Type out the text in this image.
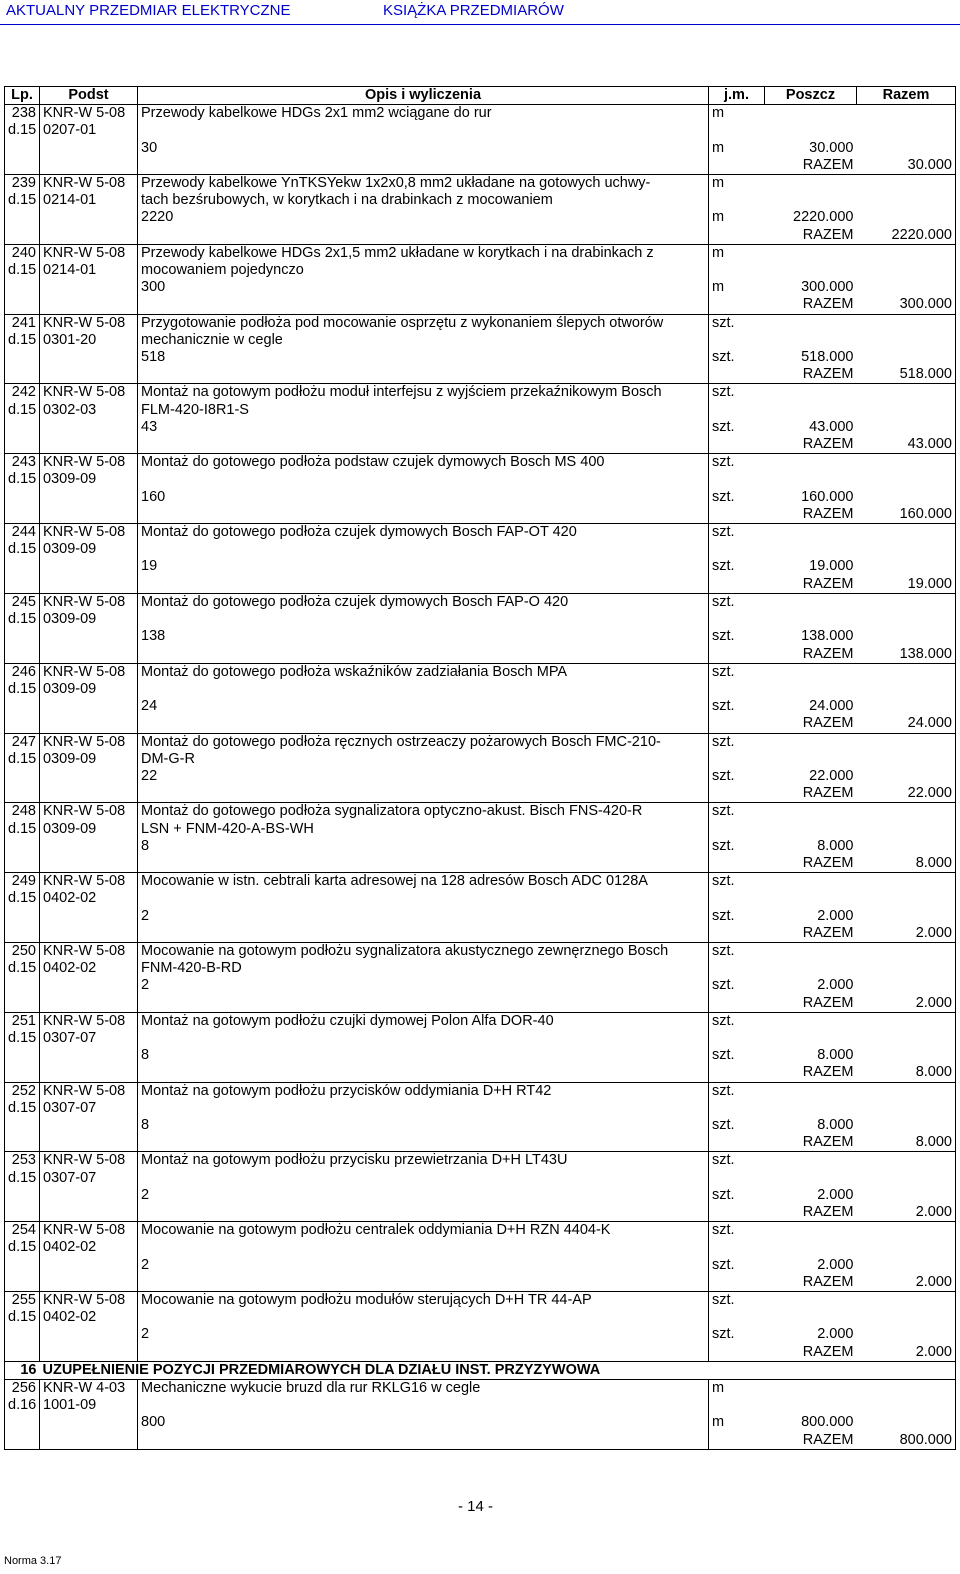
AKTUALNY PRZEDMIAR ELEKTRYCZNE	KSIĄŻKA PRZEDMIARÓW
Lp.	Podst	Opis i wyliczenia	j.m.	Poszcz	Razem
238	KNR-W 5-08	Przewody kabelkowe HDGs 2x1 mm2 wciągane do rur	m		
d.15	0207-01				
		30	m	30.000	
				RAZEM	30.000
239	KNR-W 5-08	Przewody kabelkowe YnTKSYekw 1x2x0,8 mm2 układane na gotowych uchwy-	m		
d.15	0214-01	tach bezśrubowych, w korytkach i na drabinkach z mocowaniem			
		2220	m	2220.000	
				RAZEM	2220.000
240	KNR-W 5-08	Przewody kabelkowe HDGs 2x1,5 mm2 układane w korytkach i na drabinkach z	m		
d.15	0214-01	mocowaniem pojedynczo			
		300	m	300.000	
				RAZEM	300.000
241	KNR-W 5-08	Przygotowanie podłoża pod mocowanie osprzętu z wykonaniem ślepych otworów	szt.		
d.15	0301-20	mechanicznie w cegle			
		518	szt.	518.000	
				RAZEM	518.000
242	KNR-W 5-08	Montaż na gotowym podłożu moduł interfejsu z wyjściem przekaźnikowym Bosch	szt.		
d.15	0302-03	FLM-420-I8R1-S			
		43	szt.	43.000	
				RAZEM	43.000
243	KNR-W 5-08	Montaż do gotowego podłoża podstaw czujek dymowych Bosch MS 400	szt.		
d.15	0309-09				
		160	szt.	160.000	
				RAZEM	160.000
244	KNR-W 5-08	Montaż do gotowego podłoża czujek dymowych Bosch FAP-OT 420	szt.		
d.15	0309-09				
		19	szt.	19.000	
				RAZEM	19.000
245	KNR-W 5-08	Montaż do gotowego podłoża czujek dymowych Bosch FAP-O 420	szt.		
d.15	0309-09				
		138	szt.	138.000	
				RAZEM	138.000
246	KNR-W 5-08	Montaż do gotowego podłoża wskaźników zadziałania Bosch MPA	szt.		
d.15	0309-09				
		24	szt.	24.000	
				RAZEM	24.000
247	KNR-W 5-08	Montaż do gotowego podłoża ręcznych ostrzeaczy pożarowych Bosch FMC-210-	szt.		
d.15	0309-09	DM-G-R			
		22	szt.	22.000	
				RAZEM	22.000
248	KNR-W 5-08	Montaż do gotowego podłoża sygnalizatora optyczno-akust. Bisch FNS-420-R	szt.		
d.15	0309-09	LSN + FNM-420-A-BS-WH			
		8	szt.	8.000	
				RAZEM	8.000
249	KNR-W 5-08	Mocowanie w istn. cebtrali karta adresowej na 128 adresów Bosch ADC 0128A	szt.		
d.15	0402-02				
		2	szt.	2.000	
				RAZEM	2.000
250	KNR-W 5-08	Mocowanie na gotowym podłożu sygnalizatora akustycznego zewnęrznego Bosch	szt.		
d.15	0402-02	FNM-420-B-RD			
		2	szt.	2.000	
				RAZEM	2.000
251	KNR-W 5-08	Montaż na gotowym podłożu czujki dymowej Polon Alfa DOR-40	szt.		
d.15	0307-07				
		8	szt.	8.000	
				RAZEM	8.000
252	KNR-W 5-08	Montaż na gotowym podłożu przycisków oddymiania D+H RT42	szt.		
d.15	0307-07				
		8	szt.	8.000	
				RAZEM	8.000
253	KNR-W 5-08	Montaż na gotowym podłożu przycisku przewietrzania D+H LT43U	szt.		
d.15	0307-07				
		2	szt.	2.000	
				RAZEM	2.000
254	KNR-W 5-08	Mocowanie na gotowym podłożu centralek oddymiania D+H RZN 4404-K	szt.		
d.15	0402-02				
		2	szt.	2.000	
				RAZEM	2.000
255	KNR-W 5-08	Mocowanie na gotowym podłożu modułów sterujących D+H TR 44-AP	szt.		
d.15	0402-02				
		2	szt.	2.000	
				RAZEM	2.000
16	UZUPEŁNIENIE POZYCJI PRZEDMIAROWYCH DLA DZIAŁU INST. PRZYZYWOWA				
256	KNR-W 4-03	Mechaniczne wykucie bruzd dla rur RKLG16 w cegle	m		
d.16	1001-09				
		800	m	800.000	
				RAZEM	800.000
- 14 -
Norma 3.17
